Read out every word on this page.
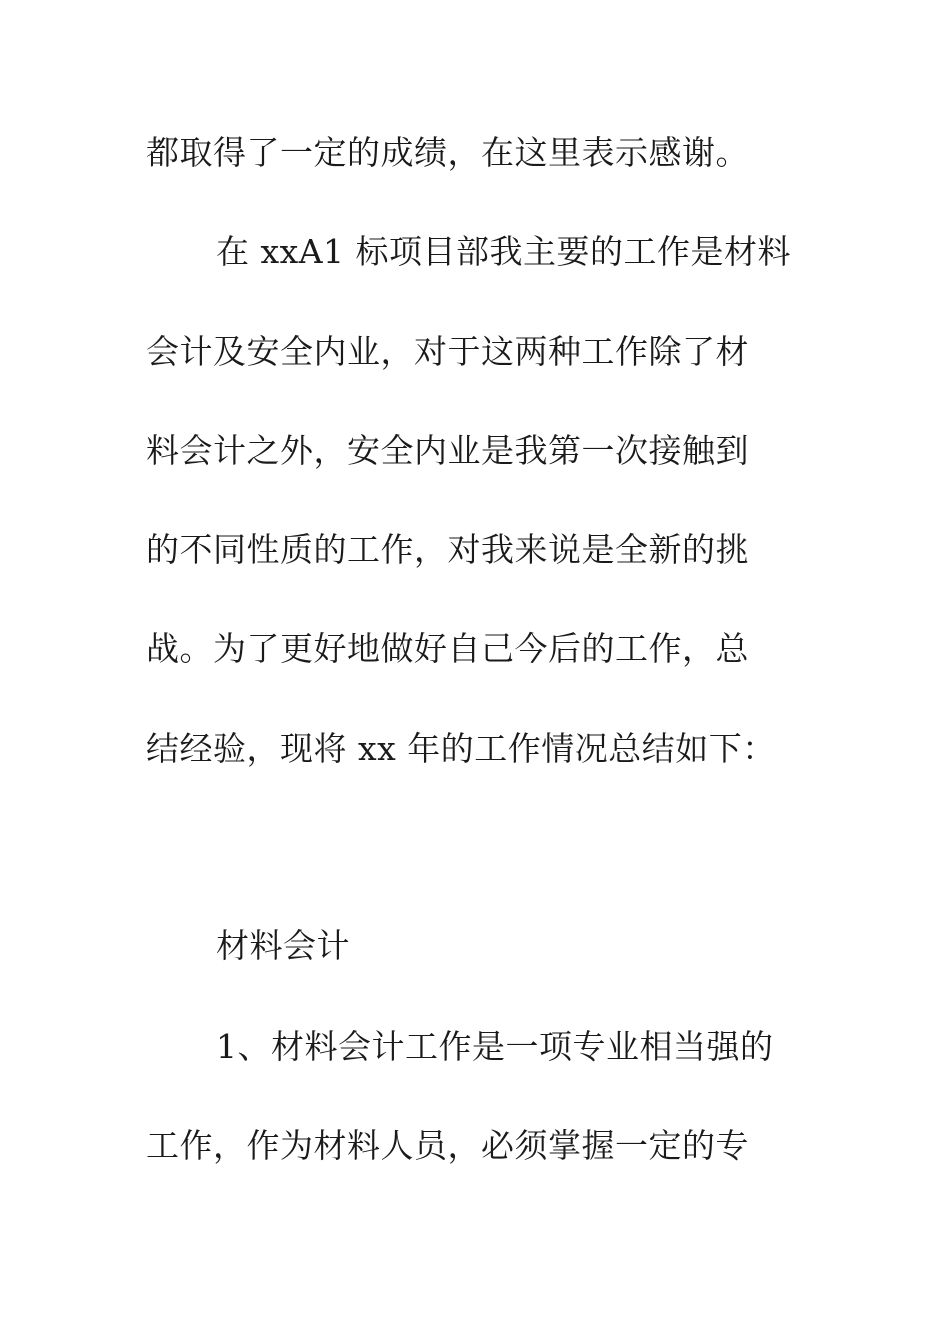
都取得了一定的成绩，在这里表示感谢。
在 xxA1 标项目部我主要的工作是材料
会计及安全内业，对于这两种工作除了材
料会计之外，安全内业是我第一次接触到
的不同性质的工作，对我来说是全新的挑
战。为了更好地做好自己今后的工作，总
结经验，现将 xx 年的工作情况总结如下：
材料会计
1、材料会计工作是一项专业相当强的
工作，作为材料人员，必须掌握一定的专
